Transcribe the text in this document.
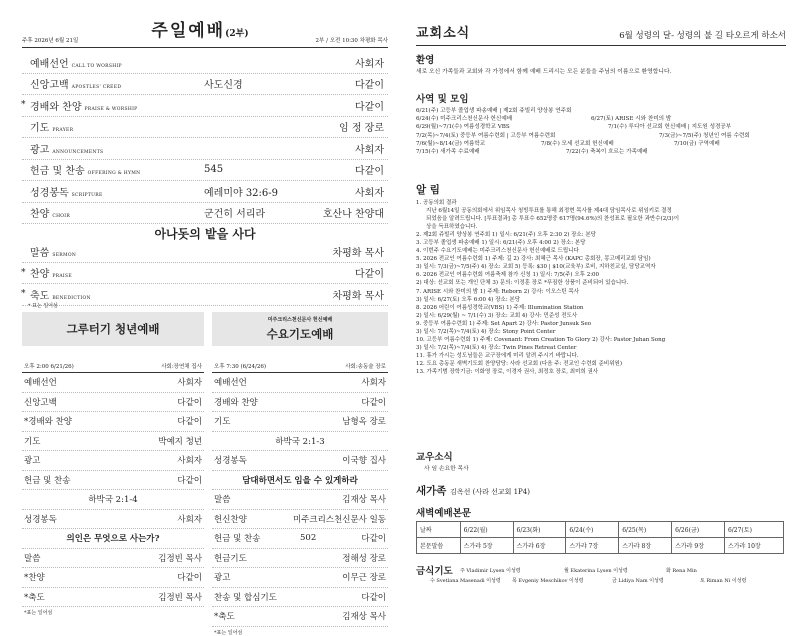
주일예배(2부)
주후 2026년 6월 21일	2부 / 오전 10:30 차평화 목사
예배선언 CALL TO WORSHIP	사회자
신앙고백 APOSTLES' CREED	사도신경	다같이
* 경배와 찬양 PRAISE & WORSHIP	다같이
기도 PRAYER	임 정 장로
광고 ANNOUNCEMENTS	사회자
헌금 및 찬송 OFFERING & HYMN	545	다같이
성경봉독 SCRIPTURE	예레미야 32:6-9	사회자
찬양 CHOIR	군건히 서리라	호산나 찬양대
아나돗의 밭을 사다
말씀 SERMON	차평화 목사
* 찬양 PRAISE	다같이
* 축도 BENEDICTION	차평화 목사
* 표는 일어섬
그루터기 청년예배
오후 2:00 6/21/26)	사회:장연채 집사
예배선언	사회자
신앙고백	다같이
*경배와 찬양	다같이
기도	박예지 청년
광고	사회자
헌금 및 찬송	다같이
하박국 2:1-4
성경봉독	사회자
의인은 무엇으로 사는가?
말씀	김정빈 목사
*찬양	다같이
*축도	김정빈 목사
*표는 일어섬
미주크리스천신문사 헌신예배
수요기도예배
오후 7:30 (6/24/26)	사회:송동술 장로
예배선언	사회자
경배와 찬양	다같이
기도	남형옥 장로
하박국 2:1-3
성경봉독	이국향 집사
담대하면서도 임을 수 있게하라
말씀	김재상 목사
헌신찬양	미주크리스천신문사 일동
헌금 및 찬송	502	다같이
헌금기도	정해성 장로
광고	이무근 장로
찬송 및 합심기도	다같이
*축도	김재상 목사
*표는 일어섬
교회소식	6월 성령의 달- 성령의 불 길 타오르게 하소서
환영
새로 오신 가족들과 교회와 각 가정에서 함께 예배 드리시는 모든 분들을 주님의 이름으로 환영합니다.
사역 및 모임
6/21(주) 고등부 졸업생 파송예배 | 제2회 쥬빌리 양상봉 연주회
6/24(수) 미주크리스천신문사 헌신예배	6/27(토) ARISE 시와 찬미의 밤
6/29(월)~7/1(수) 여름성경학교 VBS	7/1(수) 루디아 선교회 헌신예배 | 지도원 성경공부
7/2(목)~7/4(토) 중등부 여름수련회 | 고등부 여름수련회	7/3(금)~7/5(주) 청년인 여름 수련회
7/6(월)~8/14(금) 여름학교	7/8(수) 모세 선교회 헌신예배	7/10(금) 구역예배
7/15(수) 새가족 수료예배	7/22(수) 축복이 흐르는 가족예배
알 림
1. 공동의회 결과
지난 6월14일 공동의회에서 위임목사 청빙투표를 통해 최정현 목사를 제4대 담임목사로 위임키로 결정
되었음을 알려드립니다. [투표결과] 총 투표수 652명중 617명(94.6%)의 찬성표로 필요한 과반수(2/3)이
상을 득표하였습니다.
2. 제2회 쥬빌리 양상봉 연주회 1) 일시: 6/21(주) 오후 2:30 2) 장소: 본당
3. 고등부 졸업생 파송예배 1) 일시: 6/21(주) 오후 4:00 2) 장소: 본당
4. 이번주 수요기도예배는 미주크리스천신문사 헌신예배로 드립니다
5. 2026 전교인 여름수련회 1) 주제: 길 2) 강사: 최혜근 목사 (KAPC 총회장, 몽고메리교회 담임)
3) 일시: 7/3(금)~7/5(주) 4) 장소: 교회 5) 등록: $30 | $10(교육부) 로비, 지하친교실, 담당교역자
6. 2026 전교인 여름수련회 여름축제 참가 신청 1) 일시: 7/5(주) 오후 2:00
2) 대상: 선교회 또는 개인 단체 3) 문의: 이정훈 장로 *푸짐한 상품이 준비되어 있습니다.
7. ARISE 시와 찬미의 밤 1) 주제: Reborn 2) 강사: 이오스틴 목사
3) 일시: 6/27(토) 오후 6:00 4) 장소: 본당
8. 2026 어린이 여름성경학교(VBS) 1) 주제: Illumination Station
2) 일시: 6/29(월) ~ 7/1(수) 3) 장소: 교회 4) 강사: 민준성 전도사
9. 중등부 여름수련회 1) 주제: Set Apart 2) 강사: Pastor Junsuk Seo
3) 일시: 7/2(목)~7/4(토) 4) 장소: Stony Point Center
10. 고등부 여름수련회 1) 주제: Covenant: From Creation To Glory 2) 강사: Pastor Juhan Song
3) 일시: 7/2(목)~7/4(토) 4) 장소: Twin Pines Retreat Center
11. 휴가 가시는 성도님들은 교구장에게 미리 알려 주시기 바랍니다.
12. 도요 총동문 새벽기도회 찬양담당: 사라 선교회 (다음 주: 전교인 수련회 준비위원)
13. 가족기범 장학기금: 이화영 장로, 이경자 권사, 최정호 장로, 최미희 권사
교우소식
사 임 손요한 목사
새가족 김옥선 (사라 선교회 1P4)
새벽예배본문
날짜	6/22(월)	6/23(화)	6/24(수)	6/25(목)	6/26(금)	6/27(토)
본문말씀	스가랴 5장	스가랴 6장	스가랴 7장	스가랴 8장	스가랴 9장	스가랴 10장
금식기도	주 Vladimir Lysen 이성령	월 Ekaterina Lysen 이성령	화 Rena Min
수 Svetlana Masenadi 이성령 목 Evgeniy Meschikov 이성령	금 Lidiya Nam 이성령	토 Riman Ni 이성령
